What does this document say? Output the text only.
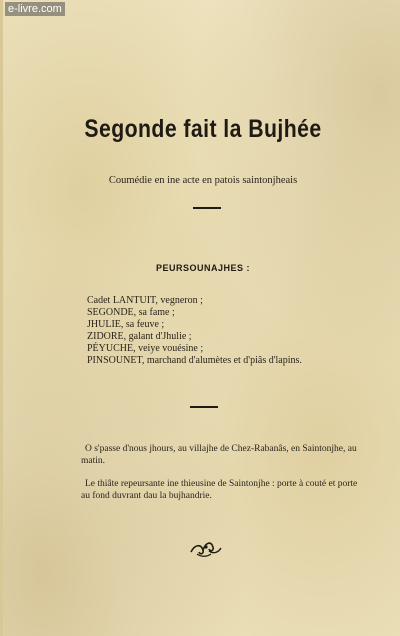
e-livre.com
Segonde fait la Bujhée
Coumédie en ine acte en patois saintonjheais
PEURSOUNAJHES :
Cadet LANTUIT, vegneron ;
SEGONDE, sa fame ;
JHULIE, sa feuve ;
ZIDORE, galant d'Jhulie ;
PÉYUCHE, veiye vouésine ;
PINSOUNET, marchand d'alumètes et d'piâs d'lapins.

O s'passe d'nous jhours, au villajhe de Chez-Rabanâs, en Saintonjhe, au matin.

Le thiâte repeursante ine thieusine de Saintonjhe : porte à couté et porte au fond duvrant dau la bujhandrie.
